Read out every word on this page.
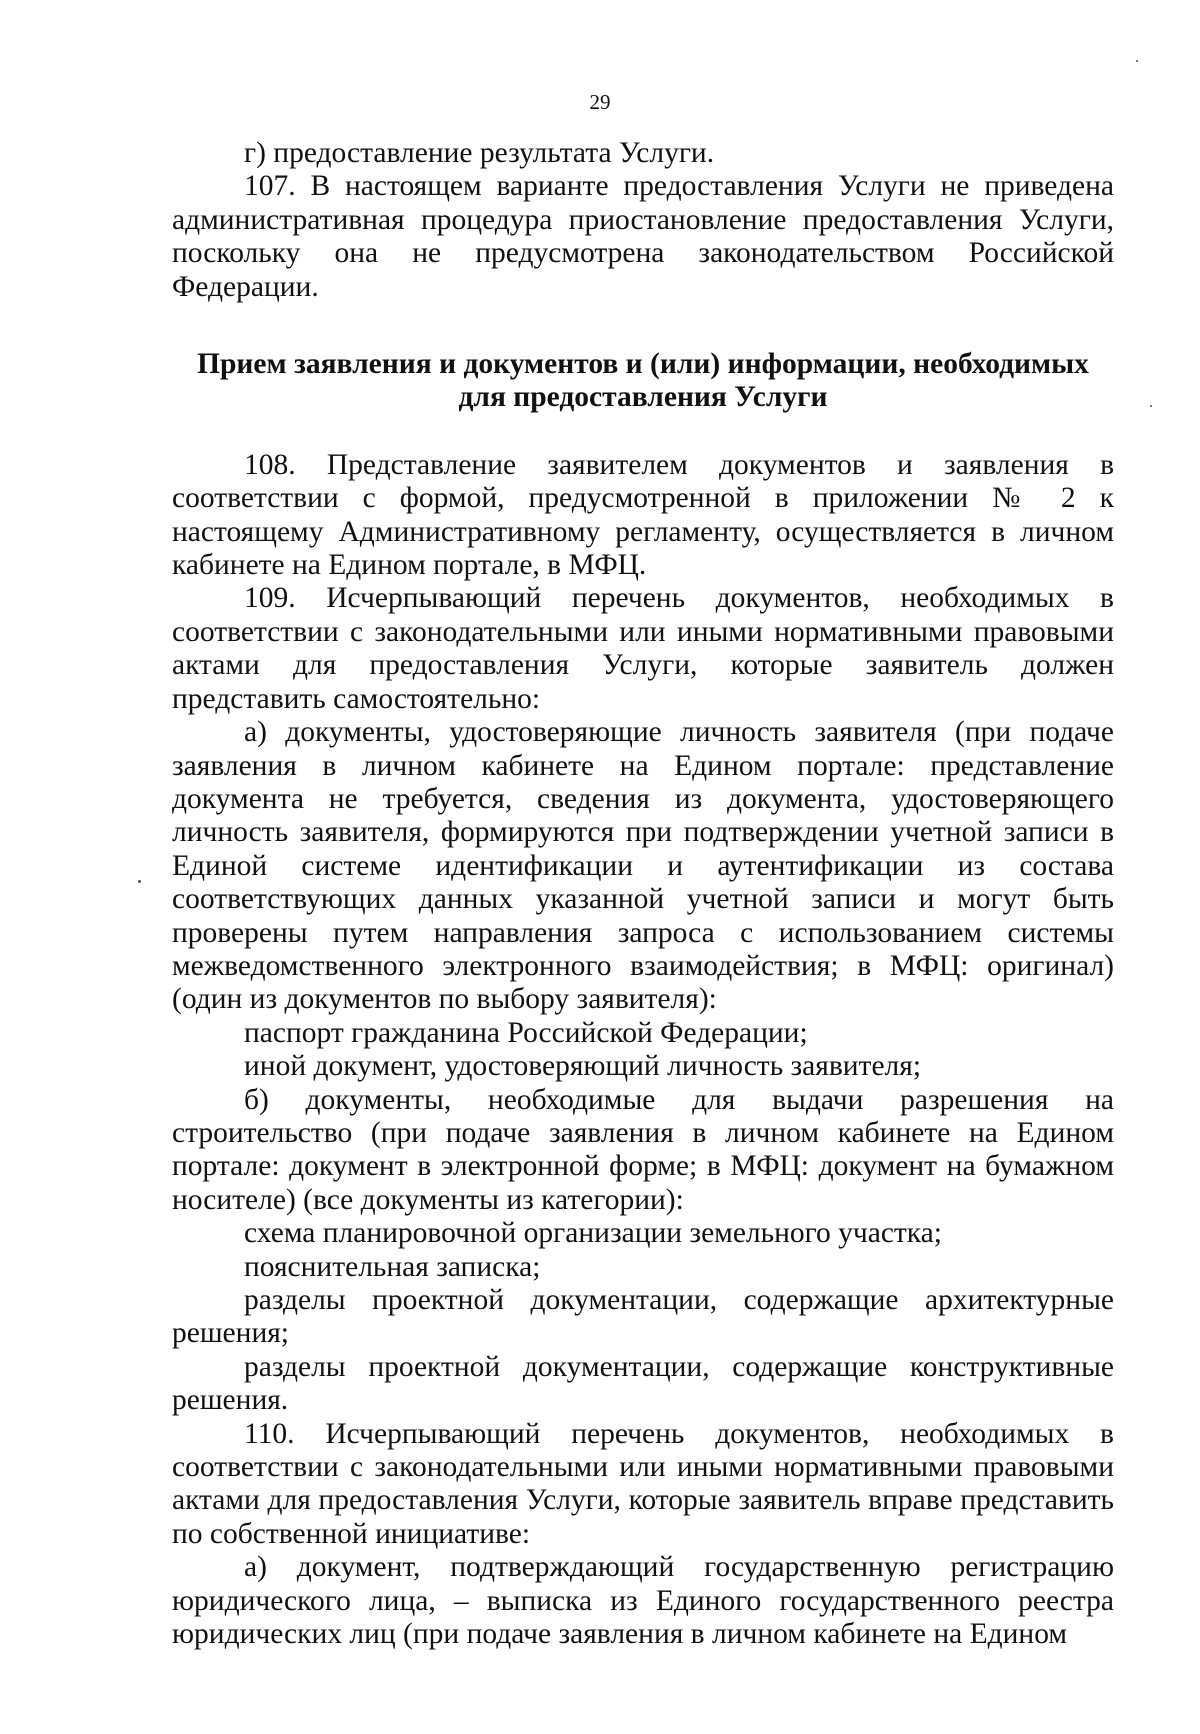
29

г) предоставление результата Услуги.

107. В настоящем варианте предоставления Услуги не приведена административная процедура приостановление предоставления Услуги, поскольку она не предусмотрена законодательством Российской Федерации.

Прием заявления и документов и (или) информации, необходимых для предоставления Услуги

108. Представление заявителем документов и заявления в соответствии с формой, предусмотренной в приложении № 2 к настоящему Административному регламенту, осуществляется в личном кабинете на Едином портале, в МФЦ.

109. Исчерпывающий перечень документов, необходимых в соответствии с законодательными или иными нормативными правовыми актами для предоставления Услуги, которые заявитель должен представить самостоятельно:

а) документы, удостоверяющие личность заявителя (при подаче заявления в личном кабинете на Едином портале: представление документа не требуется, сведения из документа, удостоверяющего личность заявителя, формируются при подтверждении учетной записи в Единой системе идентификации и аутентификации из состава соответствующих данных указанной учетной записи и могут быть проверены путем направления запроса с использованием системы межведомственного электронного взаимодействия; в МФЦ: оригинал) (один из документов по выбору заявителя):

паспорт гражданина Российской Федерации;

иной документ, удостоверяющий личность заявителя;

б) документы, необходимые для выдачи разрешения на строительство (при подаче заявления в личном кабинете на Едином портале: документ в электронной форме; в МФЦ: документ на бумажном носителе) (все документы из категории):

схема планировочной организации земельного участка;

пояснительная записка;

разделы проектной документации, содержащие архитектурные решения;

разделы проектной документации, содержащие конструктивные решения.

110. Исчерпывающий перечень документов, необходимых в соответствии с законодательными или иными нормативными правовыми актами для предоставления Услуги, которые заявитель вправе представить по собственной инициативе:

а) документ, подтверждающий государственную регистрацию юридического лица, – выписка из Единого государственного реестра юридических лиц (при подаче заявления в личном кабинете на Едином
